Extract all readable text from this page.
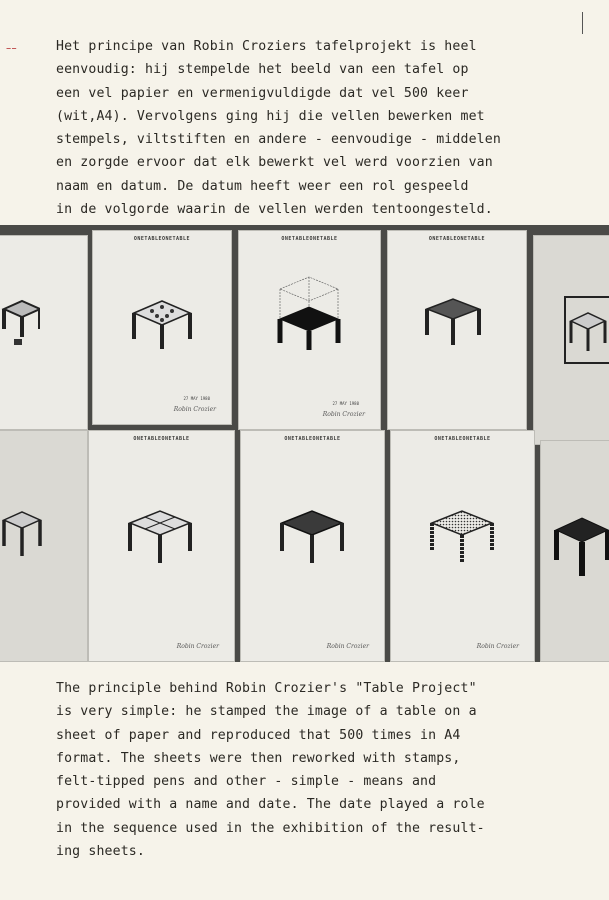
¦	Het principe van Robin Croziers tafelprojekt is heel
eenvoudig: hij stempelde het beeld van een tafel op
een vel papier en vermenigvuldigde dat vel 500 keer
(wit,A4). Vervolgens ging hij die vellen bewerken met
stempels, viltstiften en andere - eenvoudige - middelen
en zorgde ervoor dat elk bewerkt vel werd voorzien van
naam en datum. De datum heeft weer een rol gespeeld
in de volgorde waarin de vellen werden tentoongesteld.
ONETABLEONETABLE
27 MAY 1980
Robin Crozier
ONETABLEONETABLE
27 MAY 1980
Robin Crozier
ONETABLEONETABLE
ONETABLEONETABLE
Robin Crozier
ONETABLEONETABLE
Robin Crozier
ONETABLEONETABLE
Robin Crozier
The principle behind Robin Crozier's "Table Project"
is very simple: he stamped the image of a table on a
sheet of paper and reproduced that 500 times in A4
format. The sheets were then reworked with stamps,
felt-tipped pens and other - simple - means and
provided with a name and date. The date played a role
in the sequence used in the exhibition of the result-
ing sheets.
